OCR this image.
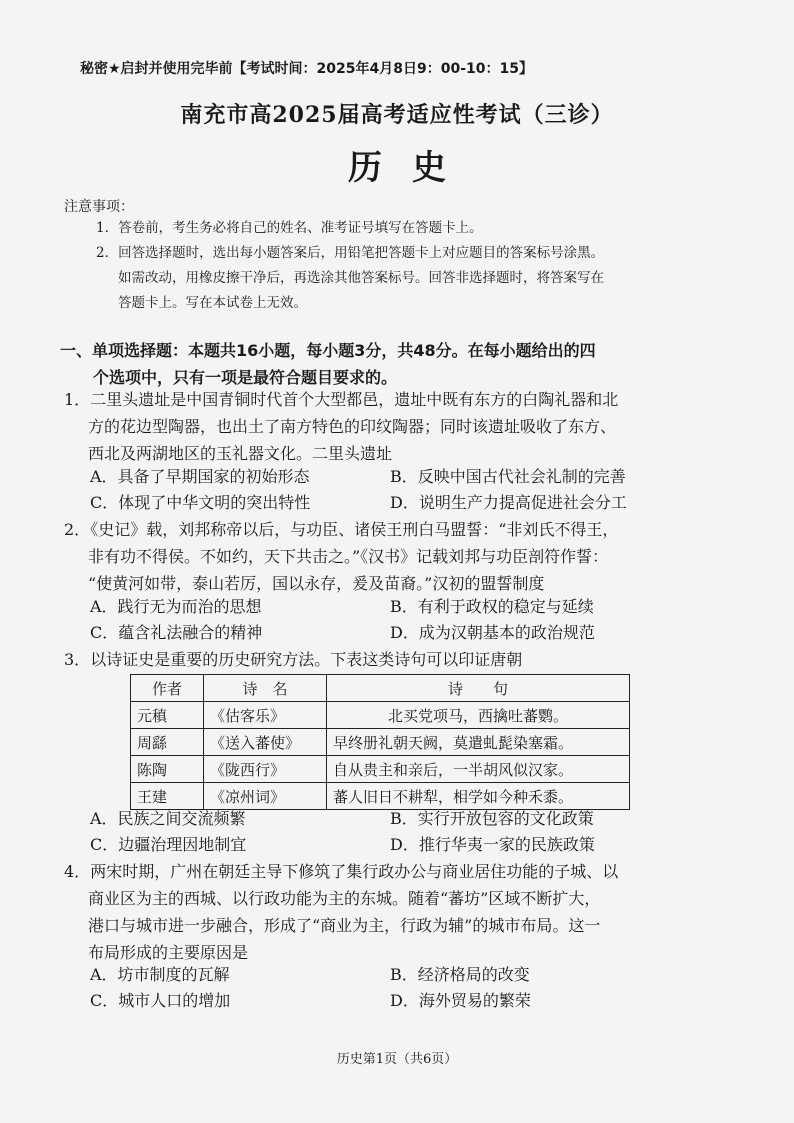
秘密★启封并使用完毕前【考试时间：2025年4月8日9：00-10：15】
南充市高2025届高考适应性考试（三诊）
历史
注意事项：
1．答卷前，考生务必将自己的姓名、准考证号填写在答题卡上。
2．回答选择题时，选出每小题答案后，用铅笔把答题卡上对应题目的答案标号涂黑。
如需改动，用橡皮擦干净后，再选涂其他答案标号。回答非选择题时，将答案写在
答题卡上。写在本试卷上无效。
一、单项选择题：本题共16小题，每小题3分，共48分。在每小题给出的四
个选项中，只有一项是最符合题目要求的。
1．二里头遗址是中国青铜时代首个大型都邑，遗址中既有东方的白陶礼器和北
方的花边型陶器，也出土了南方特色的印纹陶器；同时该遗址吸收了东方、
西北及两湖地区的玉礼器文化。二里头遗址
A．具备了早期国家的初始形态	B．反映中国古代社会礼制的完善
C．体现了中华文明的突出特性	D．说明生产力提高促进社会分工
2．《史记》载，刘邦称帝以后，与功臣、诸侯王刑白马盟誓：“非刘氏不得王，
非有功不得侯。不如约，天下共击之。”《汉书》记载刘邦与功臣剖符作誓：
“使黄河如带，泰山若厉，国以永存，爰及苗裔。”汉初的盟誓制度
A．践行无为而治的思想	B．有利于政权的稳定与延续
C．蕴含礼法融合的精神	D．成为汉朝基本的政治规范
3．以诗证史是重要的历史研究方法。下表这类诗句可以印证唐朝
作者	诗　名	诗　　句
元稹	《估客乐》	北买党项马，西擒吐蕃鹦。
周繇	《送入蕃使》	早终册礼朝天阙，莫遣虬髭染塞霜。
陈陶	《陇西行》	自从贵主和亲后，一半胡风似汉家。
王建	《凉州词》	蕃人旧日不耕犁，相学如今种禾黍。
A．民族之间交流频繁	B．实行开放包容的文化政策
C．边疆治理因地制宜	D．推行华夷一家的民族政策
4．两宋时期，广州在朝廷主导下修筑了集行政办公与商业居住功能的子城、以
商业区为主的西城、以行政功能为主的东城。随着“蕃坊”区域不断扩大，
港口与城市进一步融合，形成了“商业为主，行政为辅”的城市布局。这一
布局形成的主要原因是
A．坊市制度的瓦解	B．经济格局的改变
C．城市人口的增加	D．海外贸易的繁荣
历史第1页（共6页）
